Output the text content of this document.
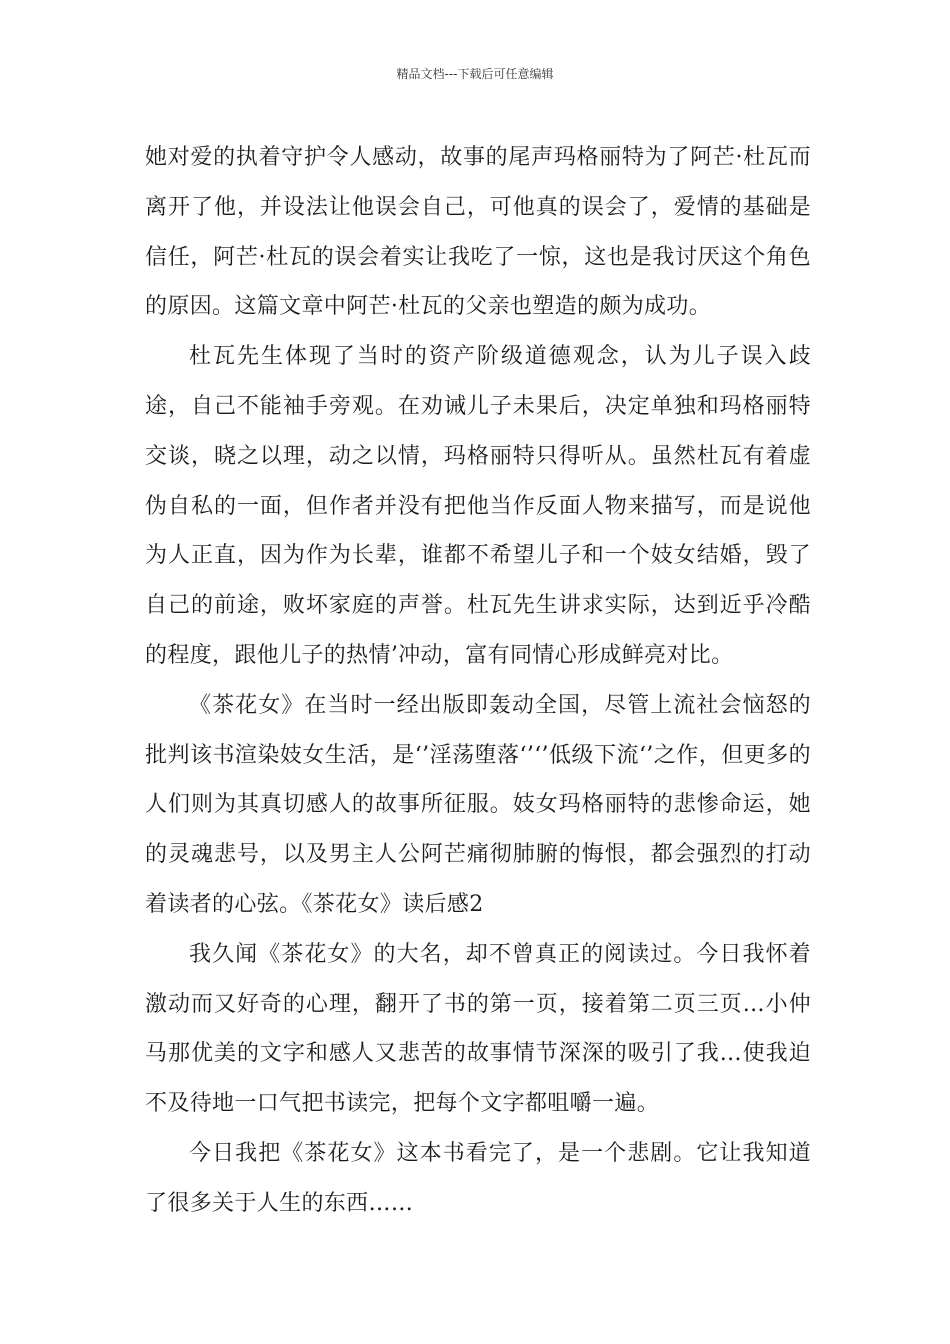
精品文档---下载后可任意编辑

她对爱的执着守护令人感动，故事的尾声玛格丽特为了阿芒·杜瓦而离开了他，并设法让他误会自己，可他真的误会了，爱情的基础是信任，阿芒·杜瓦的误会着实让我吃了一惊，这也是我讨厌这个角色的原因。这篇文章中阿芒·杜瓦的父亲也塑造的颇为成功。

杜瓦先生体现了当时的资产阶级道德观念，认为儿子误入歧途，自己不能袖手旁观。在劝诫儿子未果后，决定单独和玛格丽特交谈，晓之以理，动之以情，玛格丽特只得听从。虽然杜瓦有着虚伪自私的一面，但作者并没有把他当作反面人物来描写，而是说他为人正直，因为作为长辈，谁都不希望儿子和一个妓女结婚，毁了自己的前途，败坏家庭的声誉。杜瓦先生讲求实际，达到近乎冷酷的程度，跟他儿子的热情’冲动，富有同情心形成鲜亮对比。

《茶花女》在当时一经出版即轰动全国，尽管上流社会恼怒的批判该书渲染妓女生活，是‘’淫荡堕落‘’‘’低级下流‘’之作，但更多的人们则为其真切感人的故事所征服。妓女玛格丽特的悲惨命运，她的灵魂悲号，以及男主人公阿芒痛彻肺腑的悔恨，都会强烈的打动着读者的心弦。《茶花女》读后感2

我久闻《茶花女》的大名，却不曾真正的阅读过。今日我怀着激动而又好奇的心理，翻开了书的第一页，接着第二页三页…小仲马那优美的文字和感人又悲苦的故事情节深深的吸引了我…使我迫不及待地一口气把书读完，把每个文字都咀嚼一遍。

今日我把《茶花女》这本书看完了，是一个悲剧。它让我知道了很多关于人生的东西……
